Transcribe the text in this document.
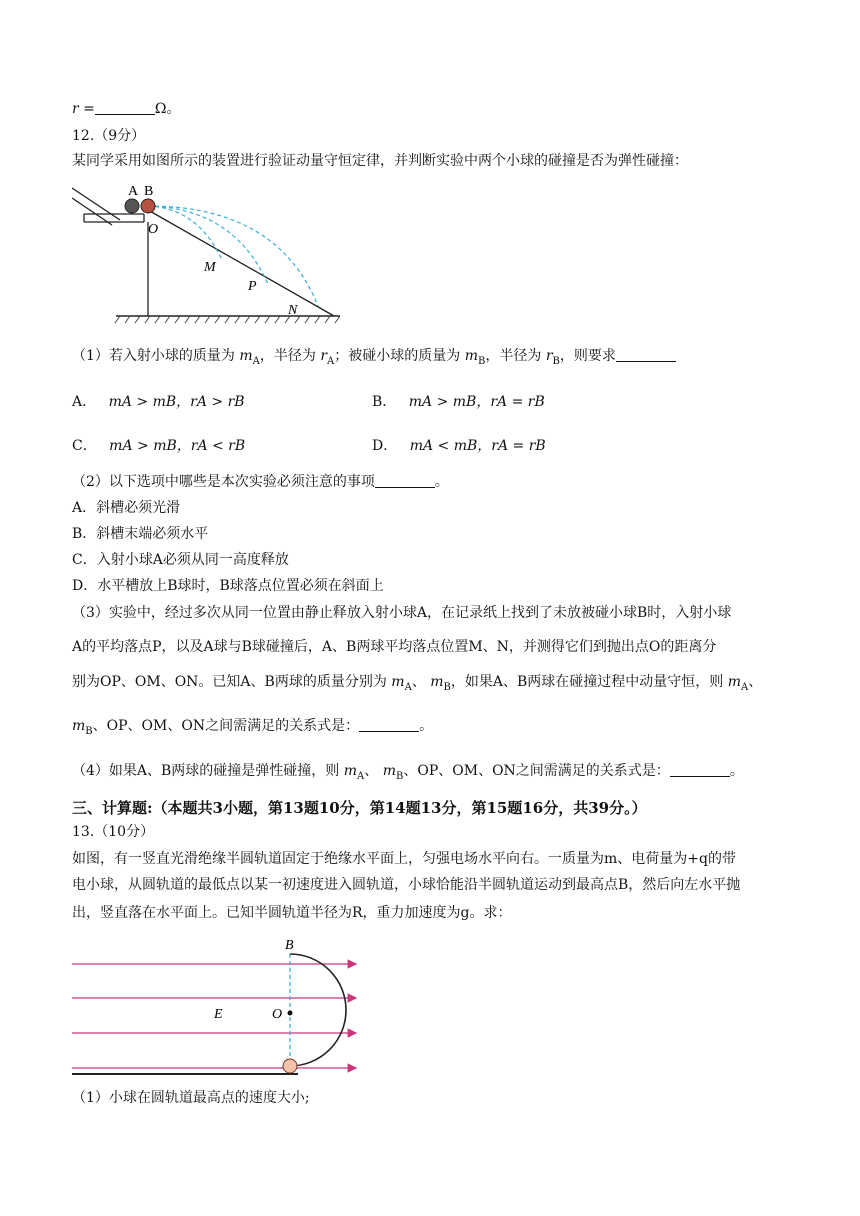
r =	Ω。
12.（9分）
某同学采用如图所示的装置进行验证动量守恒定律，并判断实验中两个小球的碰撞是否为弹性碰撞：
A B
O
M
P
N
（1）若入射小球的质量为 $m_A$，半径为 $r_A$；被碰小球的质量为 $m_B$，半径为 $r_B$，则要求
A． mA > mB，rA > rB	B． mA > mB，rA = rB
C． mA > mB，rA < rB	D． mA < mB，rA = rB
（2）以下选项中哪些是本次实验必须注意的事项	。
A．斜槽必须光滑
B．斜槽末端必须水平
C．入射小球A必须从同一高度释放
D．水平槽放上B球时，B球落点位置必须在斜面上
（3）实验中，经过多次从同一位置由静止释放入射小球A，在记录纸上找到了未放被碰小球B时，入射小球
A的平均落点P，以及A球与B球碰撞后，A、B两球平均落点位置M、N，并测得它们到抛出点O的距离分
别为OP、OM、ON。已知A、B两球的质量分别为 $m_A$、 $m_B$，如果A、B两球在碰撞过程中动量守恒，则 $m_A$、
$m_B$、OP、OM、ON之间需满足的关系式是：	。
（4）如果A、B两球的碰撞是弹性碰撞，则 $m_A$、 $m_B$、OP、OM、ON之间需满足的关系式是：	。
三、计算题:（本题共3小题，第13题10分，第14题13分，第15题16分，共39分。）
13.（10分）
如图，有一竖直光滑绝缘半圆轨道固定于绝缘水平面上，匀强电场水平向右。一质量为m、电荷量为+q的带
电小球，从圆轨道的最低点以某一初速度进入圆轨道，小球恰能沿半圆轨道运动到最高点B，然后向左水平抛
出，竖直落在水平面上。已知半圆轨道半径为R，重力加速度为g。求：
B
E	O
（1）小球在圆轨道最高点的速度大小;
